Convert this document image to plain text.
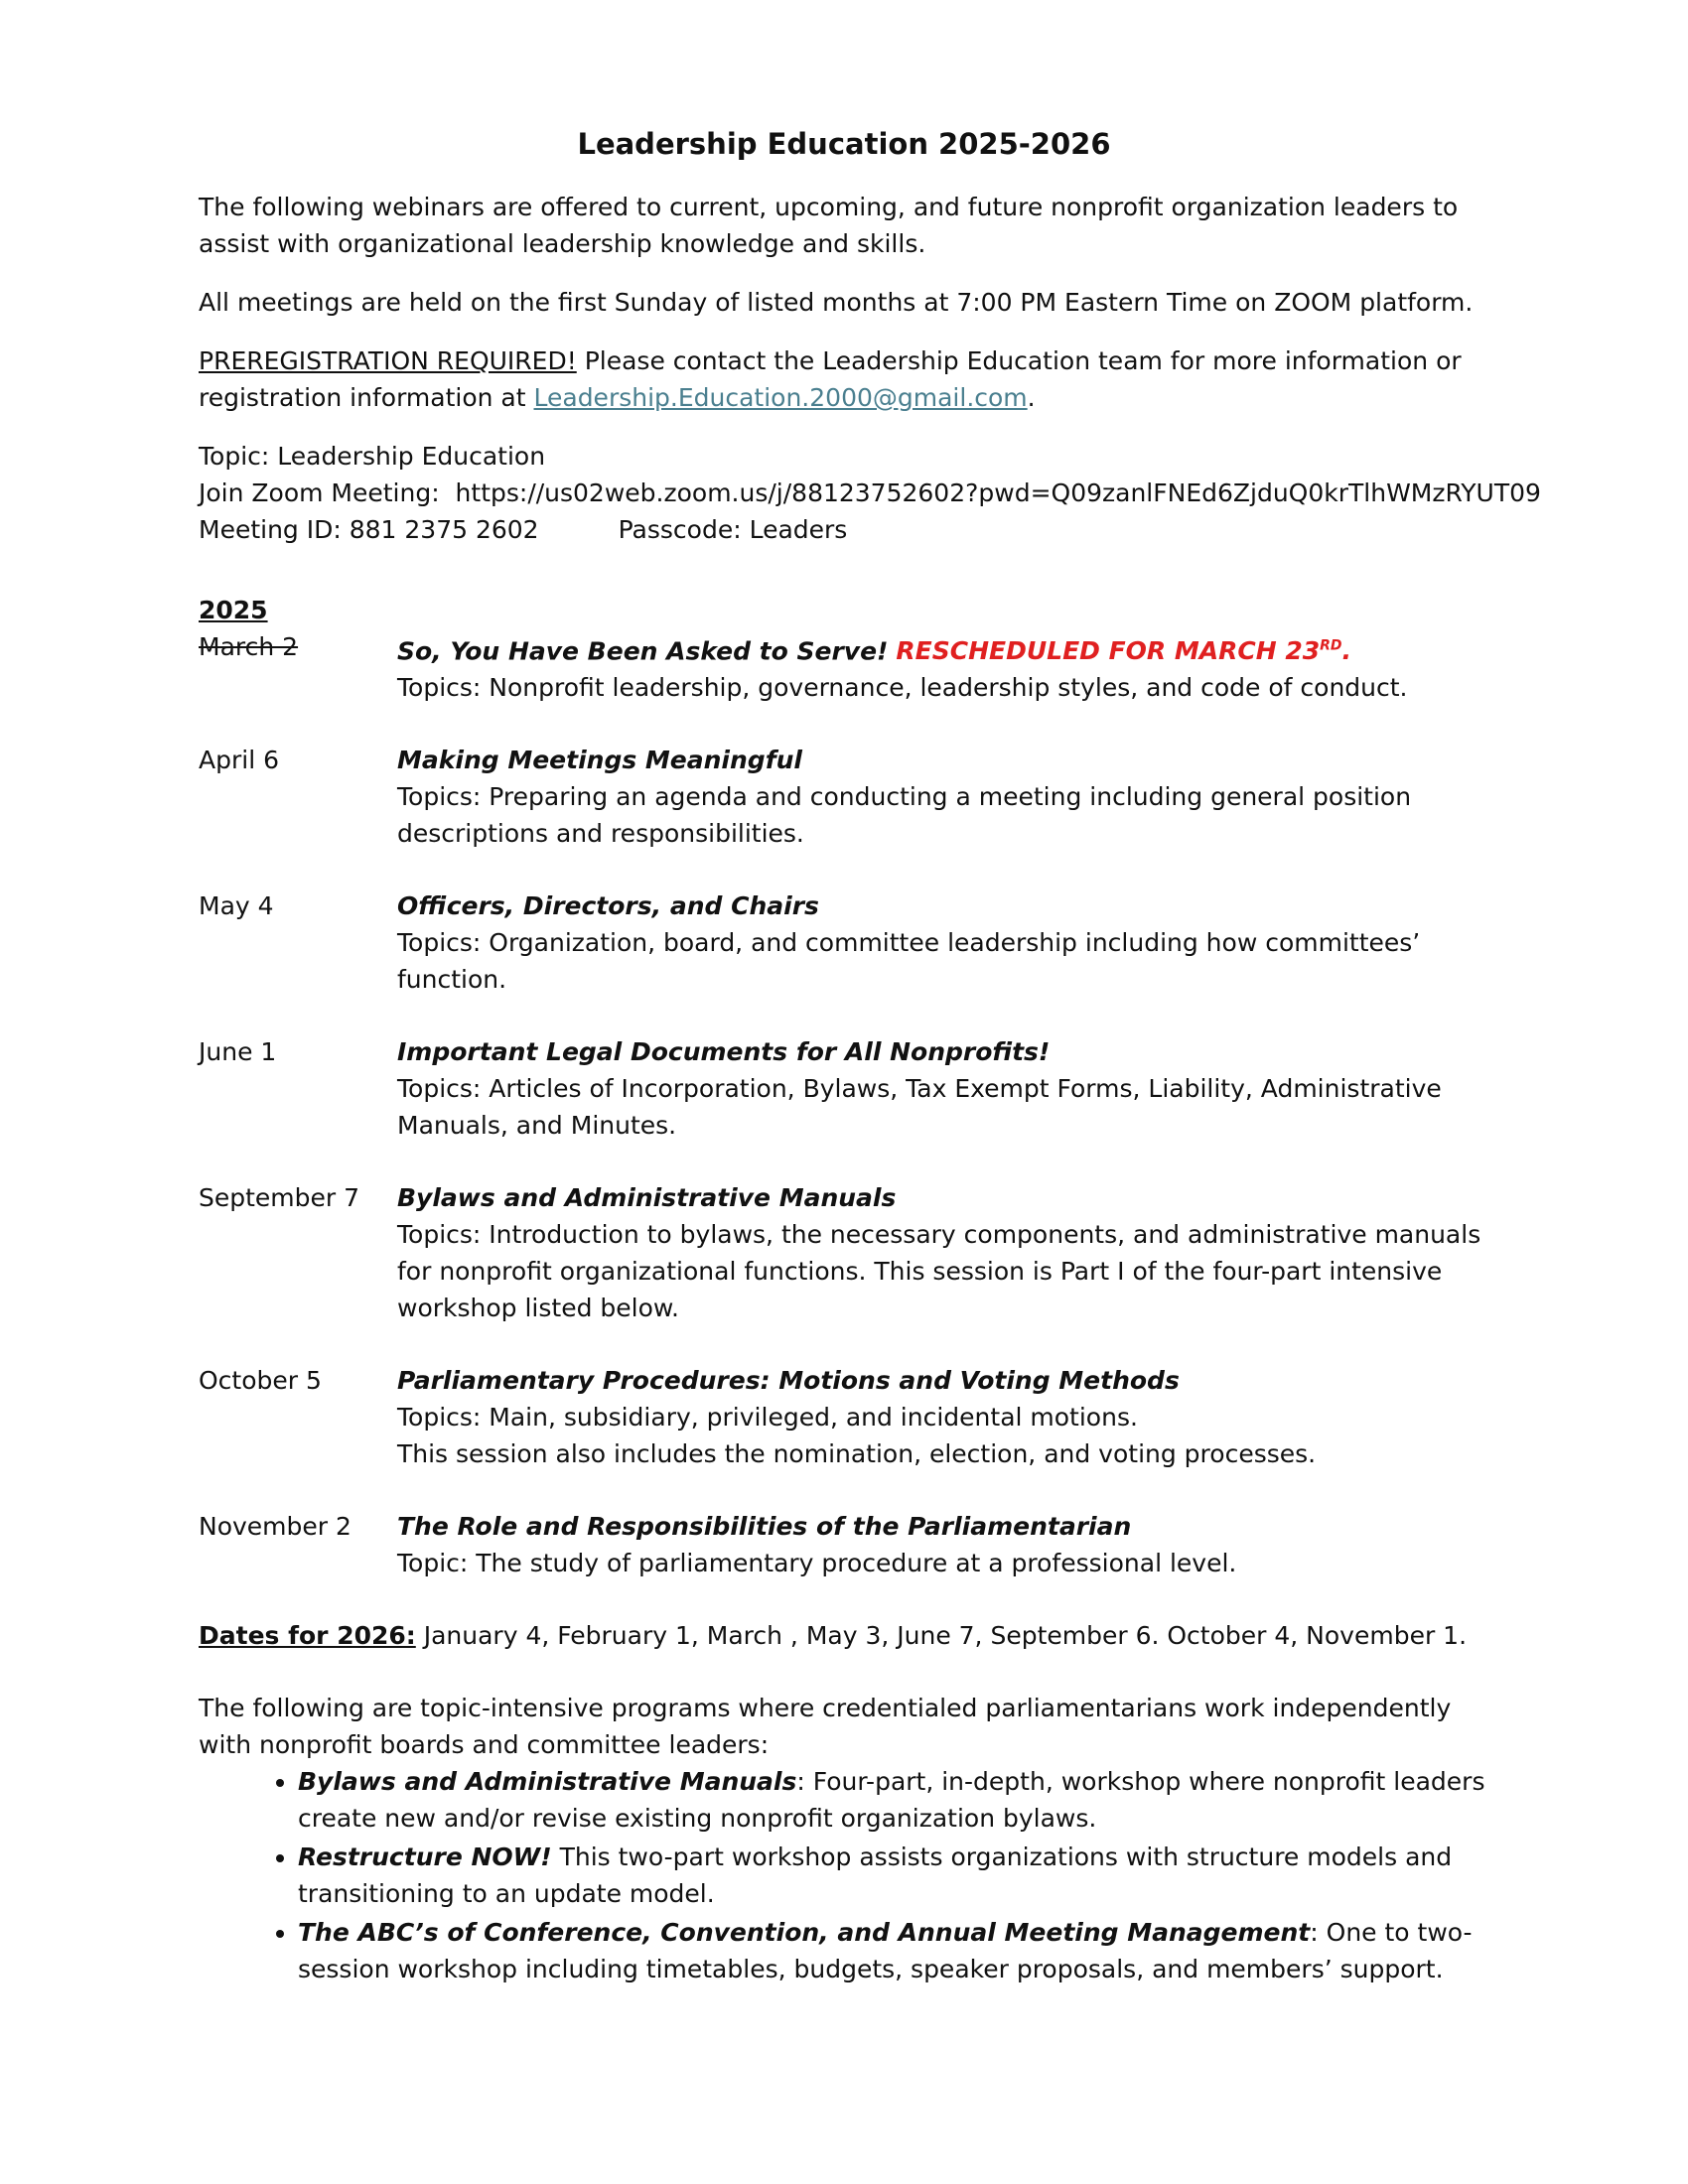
Leadership Education 2025-2026
The following webinars are offered to current, upcoming, and future nonprofit organization leaders to assist with organizational leadership knowledge and skills.
All meetings are held on the first Sunday of listed months at 7:00 PM Eastern Time on ZOOM platform.
PREREGISTRATION REQUIRED! Please contact the Leadership Education team for more information or registration information at Leadership.Education.2000@gmail.com.
Topic: Leadership Education
Join Zoom Meeting: https://us02web.zoom.us/j/88123752602?pwd=Q09zanlFNEd6ZjduQ0krTlhWMzRYUT09
Meeting ID: 881 2375 2602	Passcode: Leaders
2025
March 2	So, You Have Been Asked to Serve! RESCHEDULED FOR MARCH 23RD.
Topics: Nonprofit leadership, governance, leadership styles, and code of conduct.
April 6	Making Meetings Meaningful
Topics: Preparing an agenda and conducting a meeting including general position descriptions and responsibilities.
May 4	Officers, Directors, and Chairs
Topics: Organization, board, and committee leadership including how committees’ function.
June 1	Important Legal Documents for All Nonprofits!
Topics: Articles of Incorporation, Bylaws, Tax Exempt Forms, Liability, Administrative Manuals, and Minutes.
September 7	Bylaws and Administrative Manuals
Topics: Introduction to bylaws, the necessary components, and administrative manuals for nonprofit organizational functions. This session is Part I of the four-part intensive workshop listed below.
October 5	Parliamentary Procedures: Motions and Voting Methods
Topics: Main, subsidiary, privileged, and incidental motions.
This session also includes the nomination, election, and voting processes.
November 2	The Role and Responsibilities of the Parliamentarian
Topic: The study of parliamentary procedure at a professional level.
Dates for 2026: January 4, February 1, March , May 3, June 7, September 6. October 4, November 1.
The following are topic-intensive programs where credentialed parliamentarians work independently with nonprofit boards and committee leaders:
• Bylaws and Administrative Manuals: Four-part, in-depth, workshop where nonprofit leaders create new and/or revise existing nonprofit organization bylaws.
• Restructure NOW! This two-part workshop assists organizations with structure models and transitioning to an update model.
• The ABC’s of Conference, Convention, and Annual Meeting Management: One to two-session workshop including timetables, budgets, speaker proposals, and members’ support.
